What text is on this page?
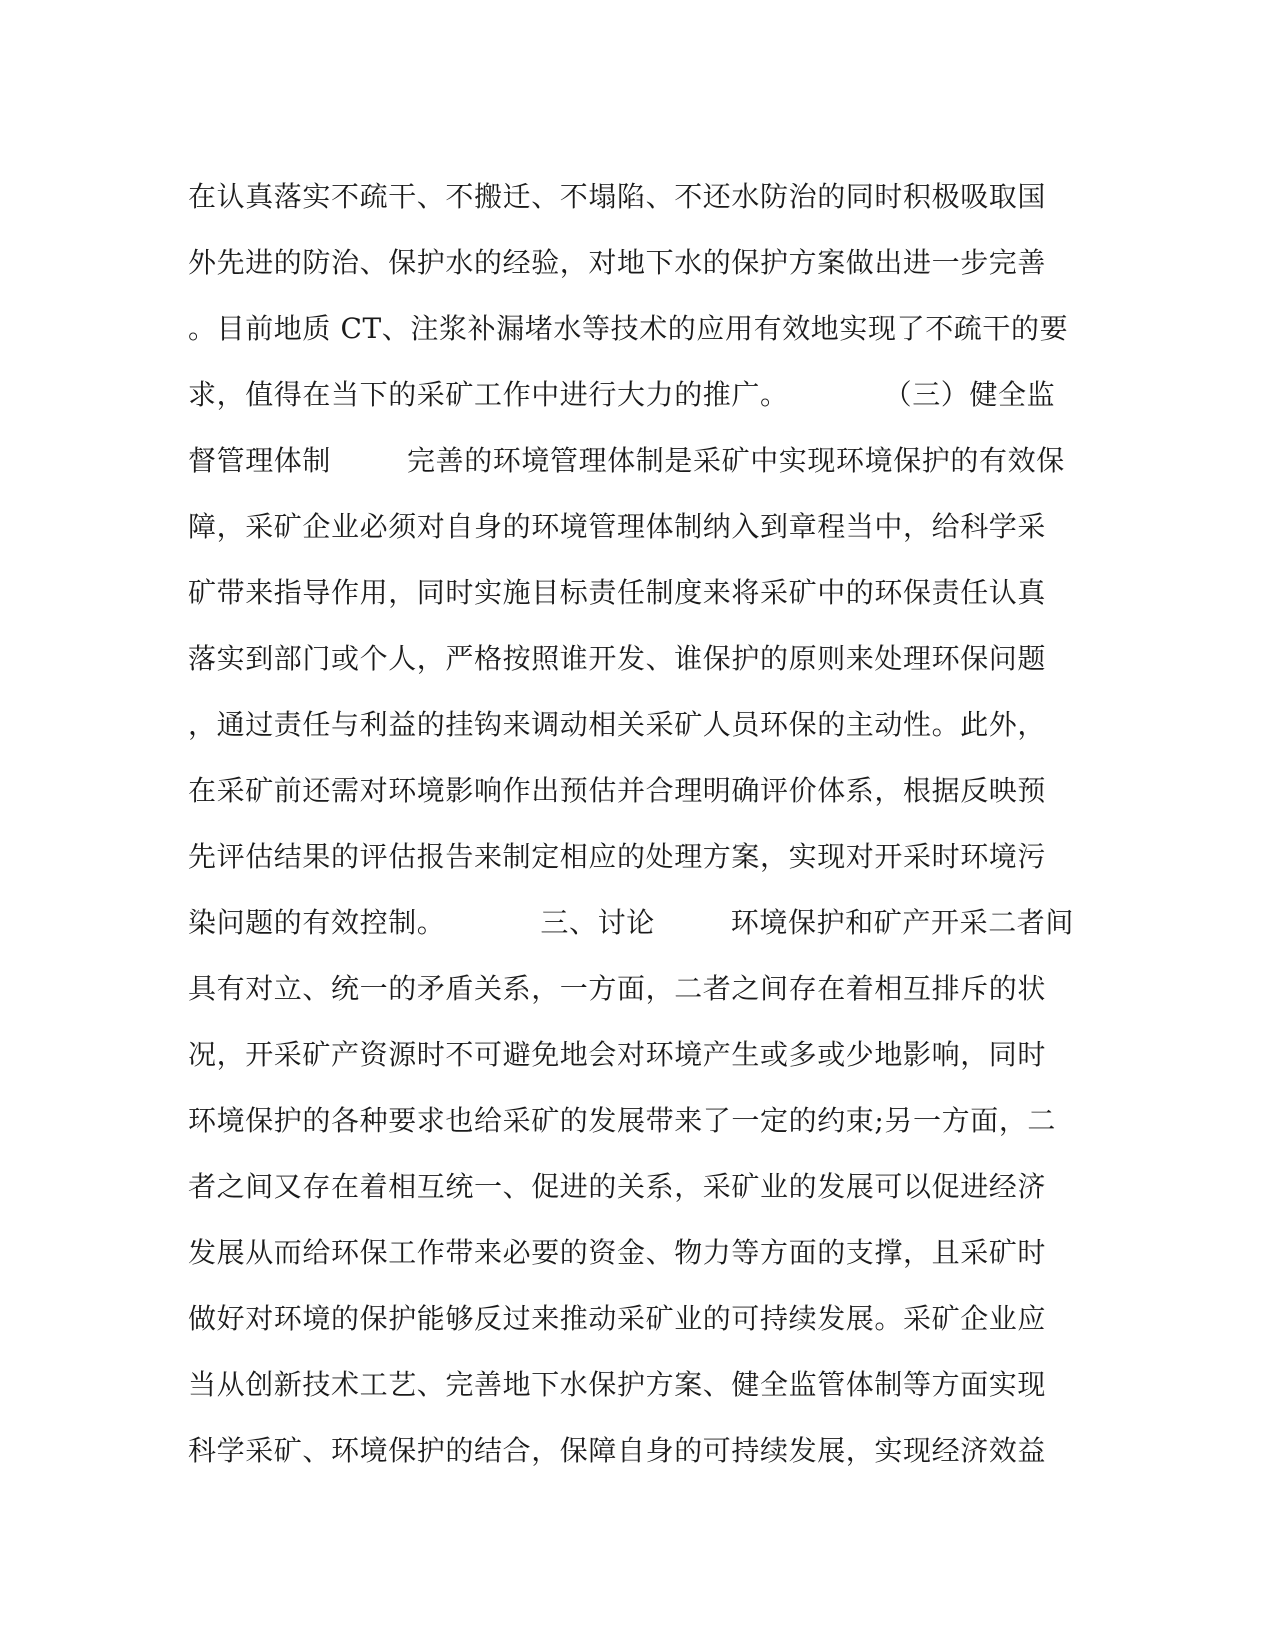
在认真落实不疏干、不搬迁、不塌陷、不还水防治的同时积极吸取国
外先进的防治、保护水的经验，对地下水的保护方案做出进一步完善
。目前地质 CT、注浆补漏堵水等技术的应用有效地实现了不疏干的要
求，值得在当下的采矿工作中进行大力的推广。          （三）健全监
督管理体制        完善的环境管理体制是采矿中实现环境保护的有效保
障，采矿企业必须对自身的环境管理体制纳入到章程当中，给科学采
矿带来指导作用，同时实施目标责任制度来将采矿中的环保责任认真
落实到部门或个人，严格按照谁开发、谁保护的原则来处理环保问题
，通过责任与利益的挂钩来调动相关采矿人员环保的主动性。此外，
在采矿前还需对环境影响作出预估并合理明确评价体系，根据反映预
先评估结果的评估报告来制定相应的处理方案，实现对开采时环境污
染问题的有效控制。          三、讨论        环境保护和矿产开采二者间
具有对立、统一的矛盾关系，一方面，二者之间存在着相互排斥的状
况，开采矿产资源时不可避免地会对环境产生或多或少地影响，同时
环境保护的各种要求也给采矿的发展带来了一定的约束;另一方面，二
者之间又存在着相互统一、促进的关系，采矿业的发展可以促进经济
发展从而给环保工作带来必要的资金、物力等方面的支撑，且采矿时
做好对环境的保护能够反过来推动采矿业的可持续发展。采矿企业应
当从创新技术工艺、完善地下水保护方案、健全监管体制等方面实现
科学采矿、环境保护的结合，保障自身的可持续发展，实现经济效益
